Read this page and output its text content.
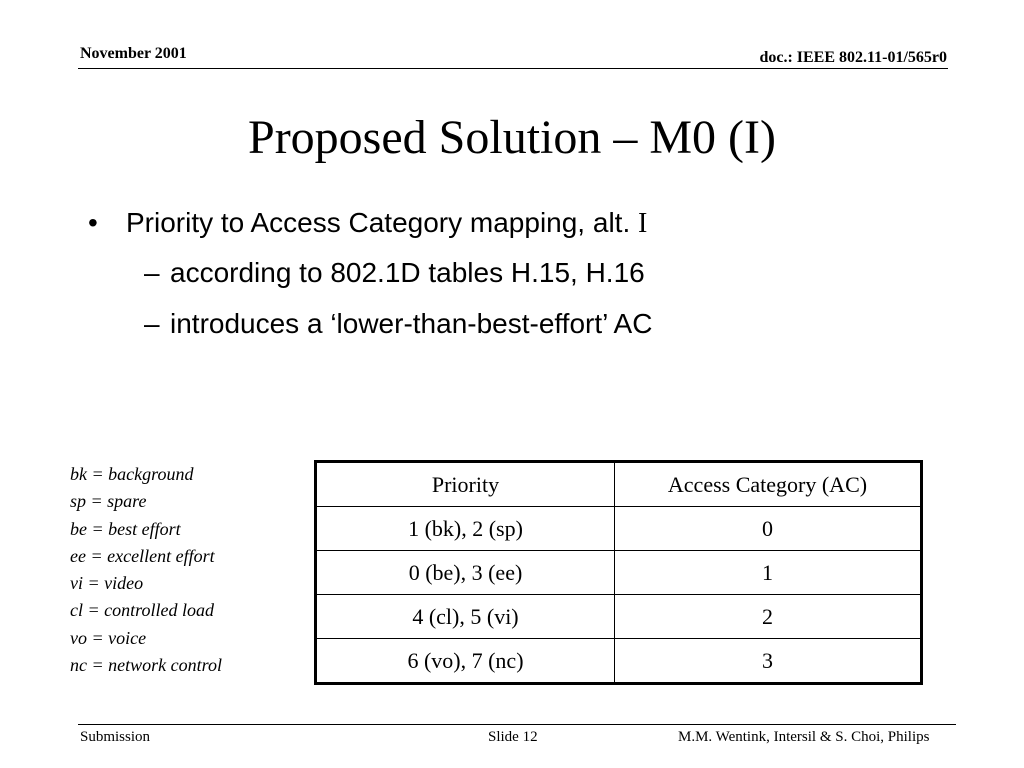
November 2001	doc.: IEEE 802.11-01/565r0
Proposed Solution – M0 (I)
• Priority to Access Category mapping, alt. I
– according to 802.1D tables H.15, H.16
– introduces a ‘lower-than-best-effort’ AC
bk = background
sp = spare
be = best effort
ee = excellent effort
vi = video
cl = controlled load
vo = voice
nc = network control
Priority	Access Category (AC)
1 (bk), 2 (sp)	0
0 (be), 3 (ee)	1
4 (cl), 5 (vi)	2
6 (vo), 7 (nc)	3
Submission	Slide 12	M.M. Wentink, Intersil & S. Choi, Philips
